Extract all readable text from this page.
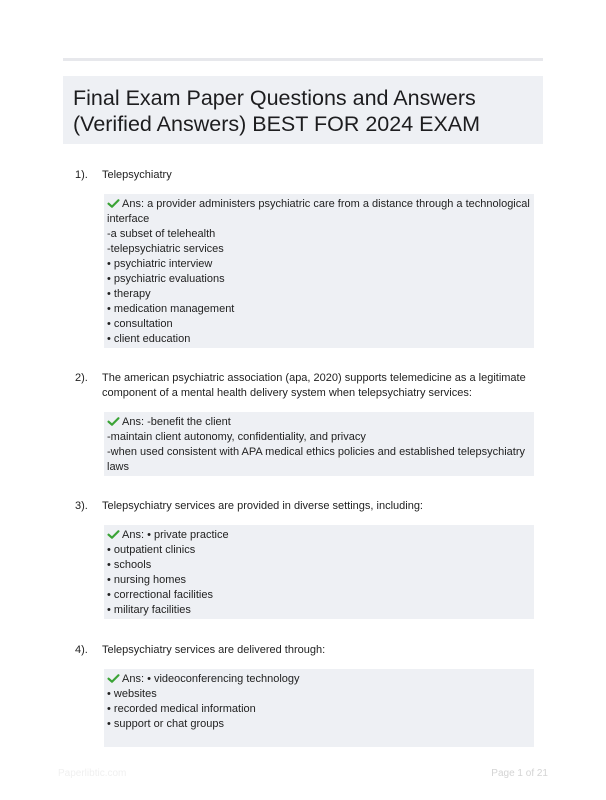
Final Exam Paper Questions and Answers
(Verified Answers) BEST FOR 2024 EXAM
1). Telepsychiatry
Ans: a provider administers psychiatric care from a distance through a technological
interface
-a subset of telehealth
-telepsychiatric services
• psychiatric interview
• psychiatric evaluations
• therapy
• medication management
• consultation
• client education
2). The american psychiatric association (apa, 2020) supports telemedicine as a legitimate
component of a mental health delivery system when telepsychiatry services:
Ans: -benefit the client
-maintain client autonomy, confidentiality, and privacy
-when used consistent with APA medical ethics policies and established telepsychiatry
laws
3). Telepsychiatry services are provided in diverse settings, including:
Ans: • private practice
• outpatient clinics
• schools
• nursing homes
• correctional facilities
• military facilities
4). Telepsychiatry services are delivered through:
Ans: • videoconferencing technology
• websites
• recorded medical information
• support or chat groups
Paperlibtic.com	Page 1 of 21
